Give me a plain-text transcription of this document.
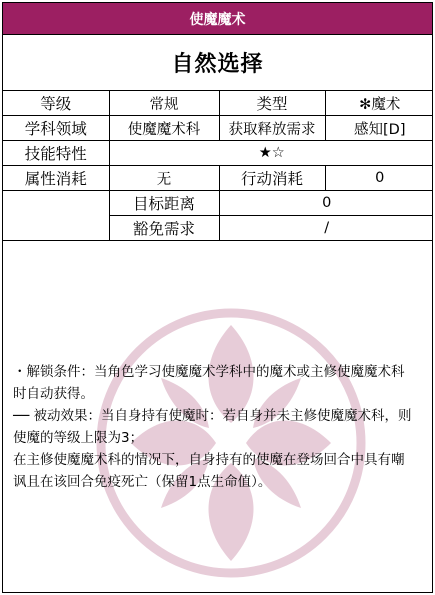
使魔魔术
自然选择
等级	常规	类型	✻魔术
学科领域	使魔魔术科	获取释放需求	感知[D]
技能特性	★☆		
属性消耗	无	行动消耗	0
	目标距离	0	
	豁免需求	/	

・解锁条件：当角色学习使魔魔术学科中的魔术或主修使魔魔术科时自动获得。

── 被动效果：当自身持有使魔时：若自身并未主修使魔魔术科，则使魔的等级上限为3；

在主修使魔魔术科的情况下，自身持有的使魔在登场回合中具有嘲讽且在该回合免疫死亡（保留1点生命值）。
